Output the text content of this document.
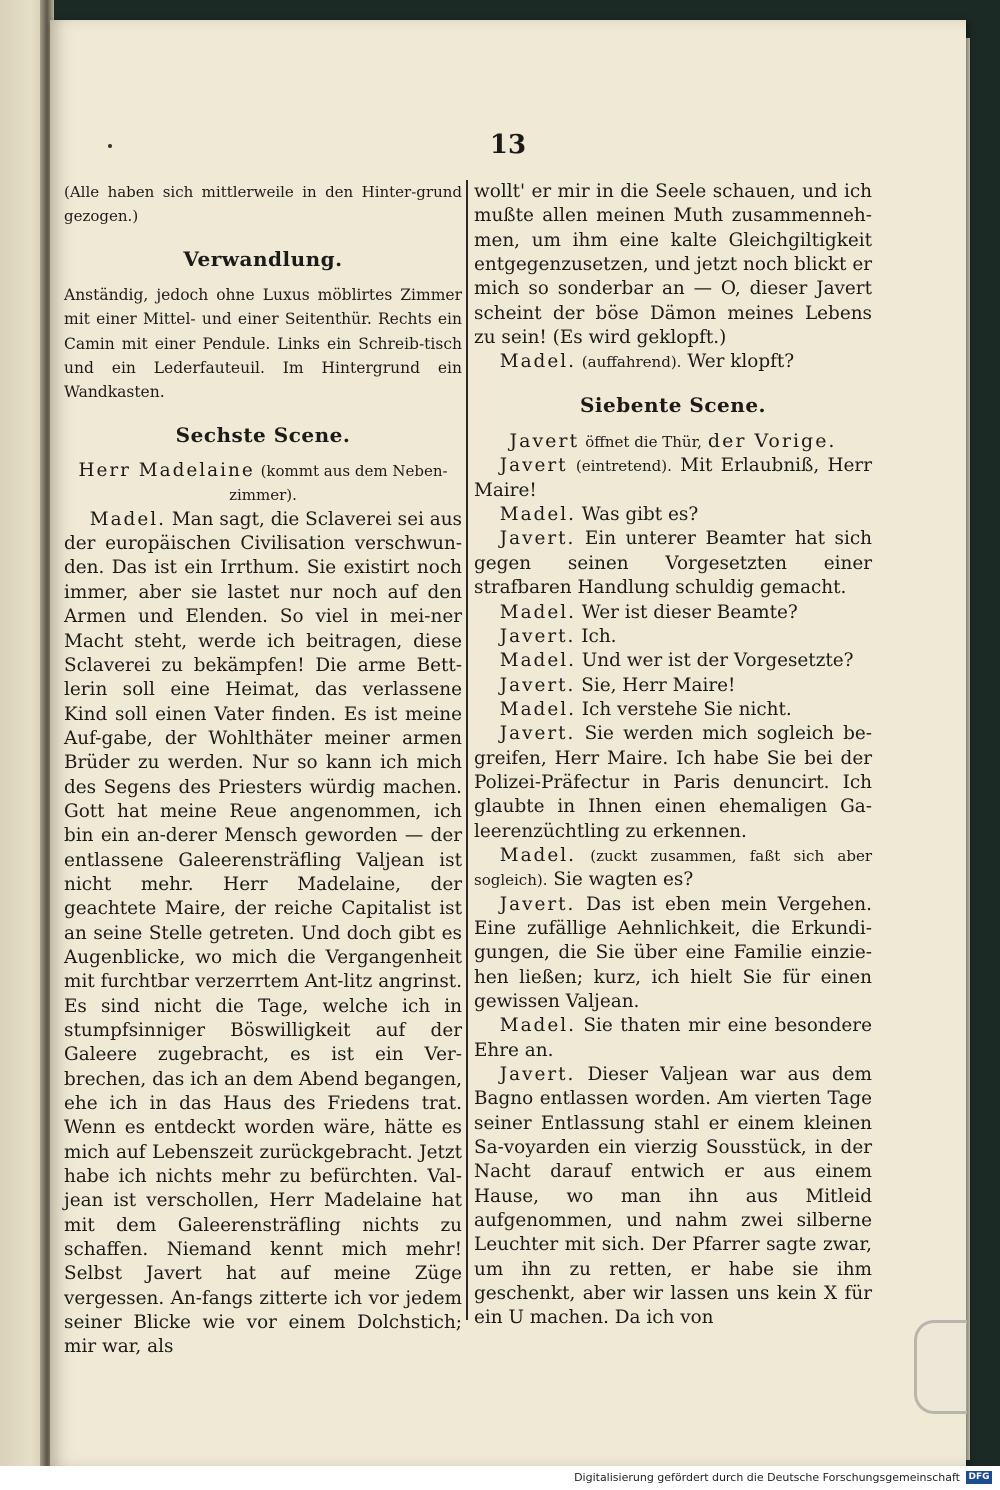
13

(Alle haben sich mittlerweile in den Hinter-grund gezogen.)

Verwandlung.

Anständig, jedoch ohne Luxus möblirtes Zimmer mit einer Mittel- und einer Seitenthür. Rechts ein Camin mit einer Pendule. Links ein Schreib-tisch und ein Lederfauteuil. Im Hintergrund ein Wandkasten.

Sechste Scene.

Herr Madelaine (kommt aus dem Neben-zimmer).

Madel. Man sagt, die Sclaverei sei aus der europäischen Civilisation verschwun-den. Das ist ein Irrthum. Sie existirt noch immer, aber sie lastet nur noch auf den Armen und Elenden. So viel in mei-ner Macht steht, werde ich beitragen, diese Sclaverei zu bekämpfen! Die arme Bett-lerin soll eine Heimat, das verlassene Kind soll einen Vater finden. Es ist meine Auf-gabe, der Wohlthäter meiner armen Brüder zu werden. Nur so kann ich mich des Segens des Priesters würdig machen. Gott hat meine Reue angenommen, ich bin ein an-derer Mensch geworden — der entlassene Galeerensträfling Valjean ist nicht mehr. Herr Madelaine, der geachtete Maire, der reiche Capitalist ist an seine Stelle getreten. Und doch gibt es Augenblicke, wo mich die Vergangenheit mit furchtbar verzerrtem Ant-litz angrinst. Es sind nicht die Tage, welche ich in stumpfsinniger Böswilligkeit auf der Galeere zugebracht, es ist ein Ver-brechen, das ich an dem Abend begangen, ehe ich in das Haus des Friedens trat. Wenn es entdeckt worden wäre, hätte es mich auf Lebenszeit zurückgebracht. Jetzt habe ich nichts mehr zu befürchten. Val-jean ist verschollen, Herr Madelaine hat mit dem Galeerensträfling nichts zu schaffen. Niemand kennt mich mehr! Selbst Javert hat auf meine Züge vergessen. An-fangs zitterte ich vor jedem seiner Blicke wie vor einem Dolchstich; mir war, als

wollt' er mir in die Seele schauen, und ich mußte allen meinen Muth zusammenneh-men, um ihm eine kalte Gleichgiltigkeit entgegenzusetzen, und jetzt noch blickt er mich so sonderbar an — O, dieser Javert scheint der böse Dämon meines Lebens zu sein! (Es wird geklopft.)

Madel. (auffahrend). Wer klopft?

Siebente Scene.

Javert öffnet die Thür, der Vorige.

Javert (eintretend). Mit Erlaubniß, Herr Maire!

Madel. Was gibt es?

Javert. Ein unterer Beamter hat sich gegen seinen Vorgesetzten einer strafbaren Handlung schuldig gemacht.

Madel. Wer ist dieser Beamte?

Javert. Ich.

Madel. Und wer ist der Vorgesetzte?

Javert. Sie, Herr Maire!

Madel. Ich verstehe Sie nicht.

Javert. Sie werden mich sogleich be-greifen, Herr Maire. Ich habe Sie bei der Polizei-Präfectur in Paris denuncirt. Ich glaubte in Ihnen einen ehemaligen Ga-leerenzüchtling zu erkennen.

Madel. (zuckt zusammen, faßt sich aber sogleich). Sie wagten es?

Javert. Das ist eben mein Vergehen. Eine zufällige Aehnlichkeit, die Erkundi-gungen, die Sie über eine Familie einzie-hen ließen; kurz, ich hielt Sie für einen gewissen Valjean.

Madel. Sie thaten mir eine besondere Ehre an.

Javert. Dieser Valjean war aus dem Bagno entlassen worden. Am vierten Tage seiner Entlassung stahl er einem kleinen Sa-voyarden ein vierzig Sousstück, in der Nacht darauf entwich er aus einem Hause, wo man ihn aus Mitleid aufgenommen, und nahm zwei silberne Leuchter mit sich. Der Pfarrer sagte zwar, um ihn zu retten, er habe sie ihm geschenkt, aber wir lassen uns kein X für ein U machen. Da ich von

Digitalisierung gefördert durch die Deutsche Forschungsgemeinschaft DFG
